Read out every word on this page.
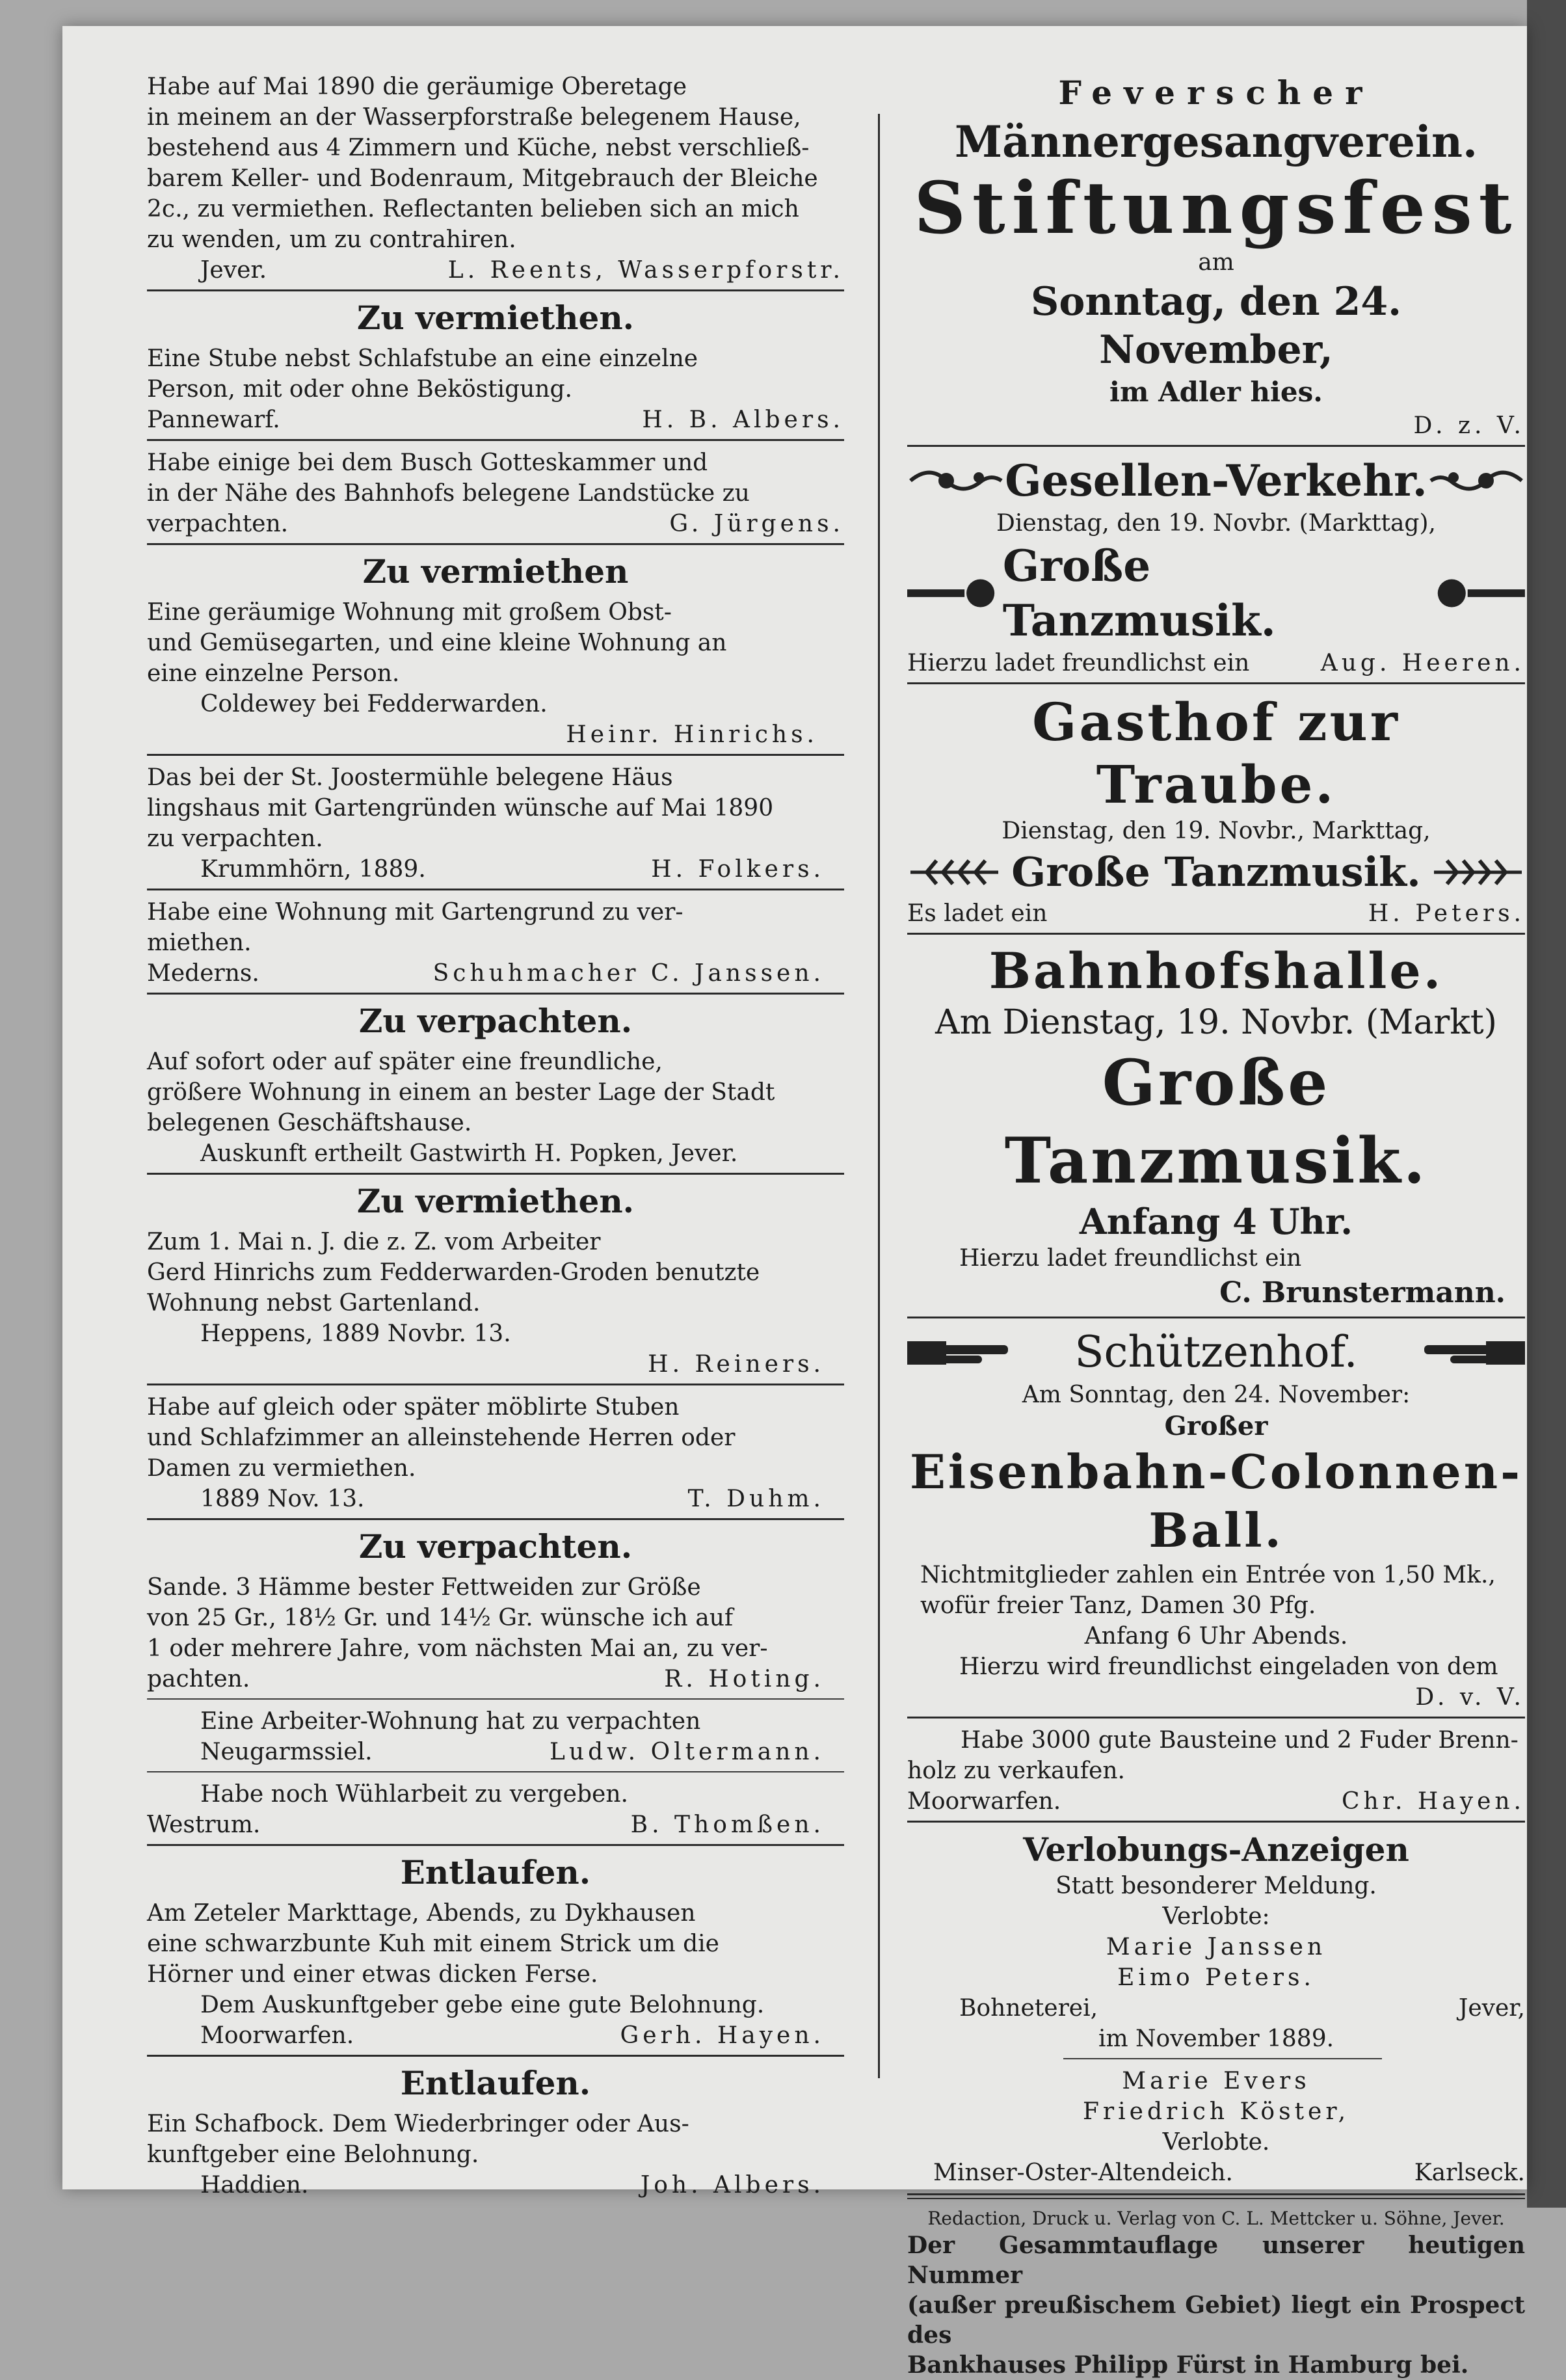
Habe auf Mai 1890 die geräumige Oberetage
in meinem an der Wasserpforstraße belegenem Hause,
bestehend aus 4 Zimmern und Küche, nebst verschließ-
barem Keller- und Bodenraum, Mitgebrauch der Bleiche
2c., zu vermiethen. Reflectanten belieben sich an mich
zu wenden, um zu contrahiren.

Jever.	L. Reents, Wasserpforstr.
Zu vermiethen.

Eine Stube nebst Schlafstube an eine einzelne
Person, mit oder ohne Beköstigung.

Pannewarf.	H. B. Albers.

Habe einige bei dem Busch Gotteskammer und
in der Nähe des Bahnhofs belegene Landstücke zu

verpachten.	G. Jürgens.
Zu vermiethen

Eine geräumige Wohnung mit großem Obst-
und Gemüsegarten, und eine kleine Wohnung an
eine einzelne Person.

Coldewey bei Fedderwarden.
Heinr. Hinrichs.

Das bei der St. Joostermühle belegene Häus
lingshaus mit Gartengründen wünsche auf Mai 1890
zu verpachten.

Krummhörn, 1889.	H. Folkers.

Habe eine Wohnung mit Gartengrund zu ver-
miethen.

Mederns.	Schuhmacher C. Janssen.
Zu verpachten.

Auf sofort oder auf später eine freundliche,
größere Wohnung in einem an bester Lage der Stadt
belegenen Geschäftshause.

Auskunft ertheilt Gastwirth H. Popken, Jever.
Zu vermiethen.

Zum 1. Mai n. J. die z. Z. vom Arbeiter
Gerd Hinrichs zum Fedderwarden-Groden benutzte
Wohnung nebst Gartenland.

Heppens, 1889 Novbr. 13.
H. Reiners.

Habe auf gleich oder später möblirte Stuben
und Schlafzimmer an alleinstehende Herren oder
Damen zu vermiethen.

1889 Nov. 13.	T. Duhm.
Zu verpachten.

Sande. 3 Hämme bester Fettweiden zur Größe
von 25 Gr., 18½ Gr. und 14½ Gr. wünsche ich auf
1 oder mehrere Jahre, vom nächsten Mai an, zu ver-

pachten.	R. Hoting.

Eine Arbeiter-Wohnung hat zu verpachten

Neugarmssiel.	Ludw. Oltermann.

Habe noch Wühlarbeit zu vergeben.

Westrum.	B. Thomßen.
Entlaufen.

Am Zeteler Markttage, Abends, zu Dykhausen
eine schwarzbunte Kuh mit einem Strick um die
Hörner und einer etwas dicken Ferse.

Dem Auskunftgeber gebe eine gute Belohnung.
Moorwarfen.	Gerh. Hayen.
Entlaufen.

Ein Schafbock. Dem Wiederbringer oder Aus-
kunftgeber eine Belohnung.

Haddien.	Joh. Albers.
Feverscher
Männergesangverein.
Stiftungsfest
am
Sonntag, den 24. November,
im Adler hies.
D. z. V.
Gesellen-Verkehr.
Dienstag, den 19. Novbr. (Markttag),
Große Tanzmusik.
Hierzu ladet freundlichst ein	Aug. Heeren.
Gasthof zur Traube.
Dienstag, den 19. Novbr., Markttag,
Große Tanzmusik.
Es ladet ein	H. Peters.
Bahnhofshalle.
Am Dienstag, 19. Novbr. (Markt)
Große Tanzmusik.
Anfang 4 Uhr.
Hierzu ladet freundlichst ein
C. Brunstermann.
Schützenhof.
Am Sonntag, den 24. November:
Großer
Eisenbahn-Colonnen-Ball.

Nichtmitglieder zahlen ein Entrée von 1,50 Mk.,
wofür freier Tanz, Damen 30 Pfg.

Anfang 6 Uhr Abends.
Hierzu wird freundlichst eingeladen von dem
D. v. V.

Habe 3000 gute Bausteine und 2 Fuder Brenn-
holz zu verkaufen.

Moorwarfen.	Chr. Hayen.
Verlobungs-Anzeigen
Statt besonderer Meldung.
Verlobte:
Marie Janssen
Eimo Peters.
Bohneterei,	Jever,
im November 1889.
Marie Evers
Friedrich Köster,
Verlobte.
Minser-Oster-Altendeich.	Karlseck.
Redaction, Druck u. Verlag von C. L. Mettcker u. Söhne, Jever.
Der Gesammtauflage unserer heutigen Nummer
(außer preußischem Gebiet) liegt ein Prospect des
Bankhauses Philipp Fürst in Hamburg bei.
